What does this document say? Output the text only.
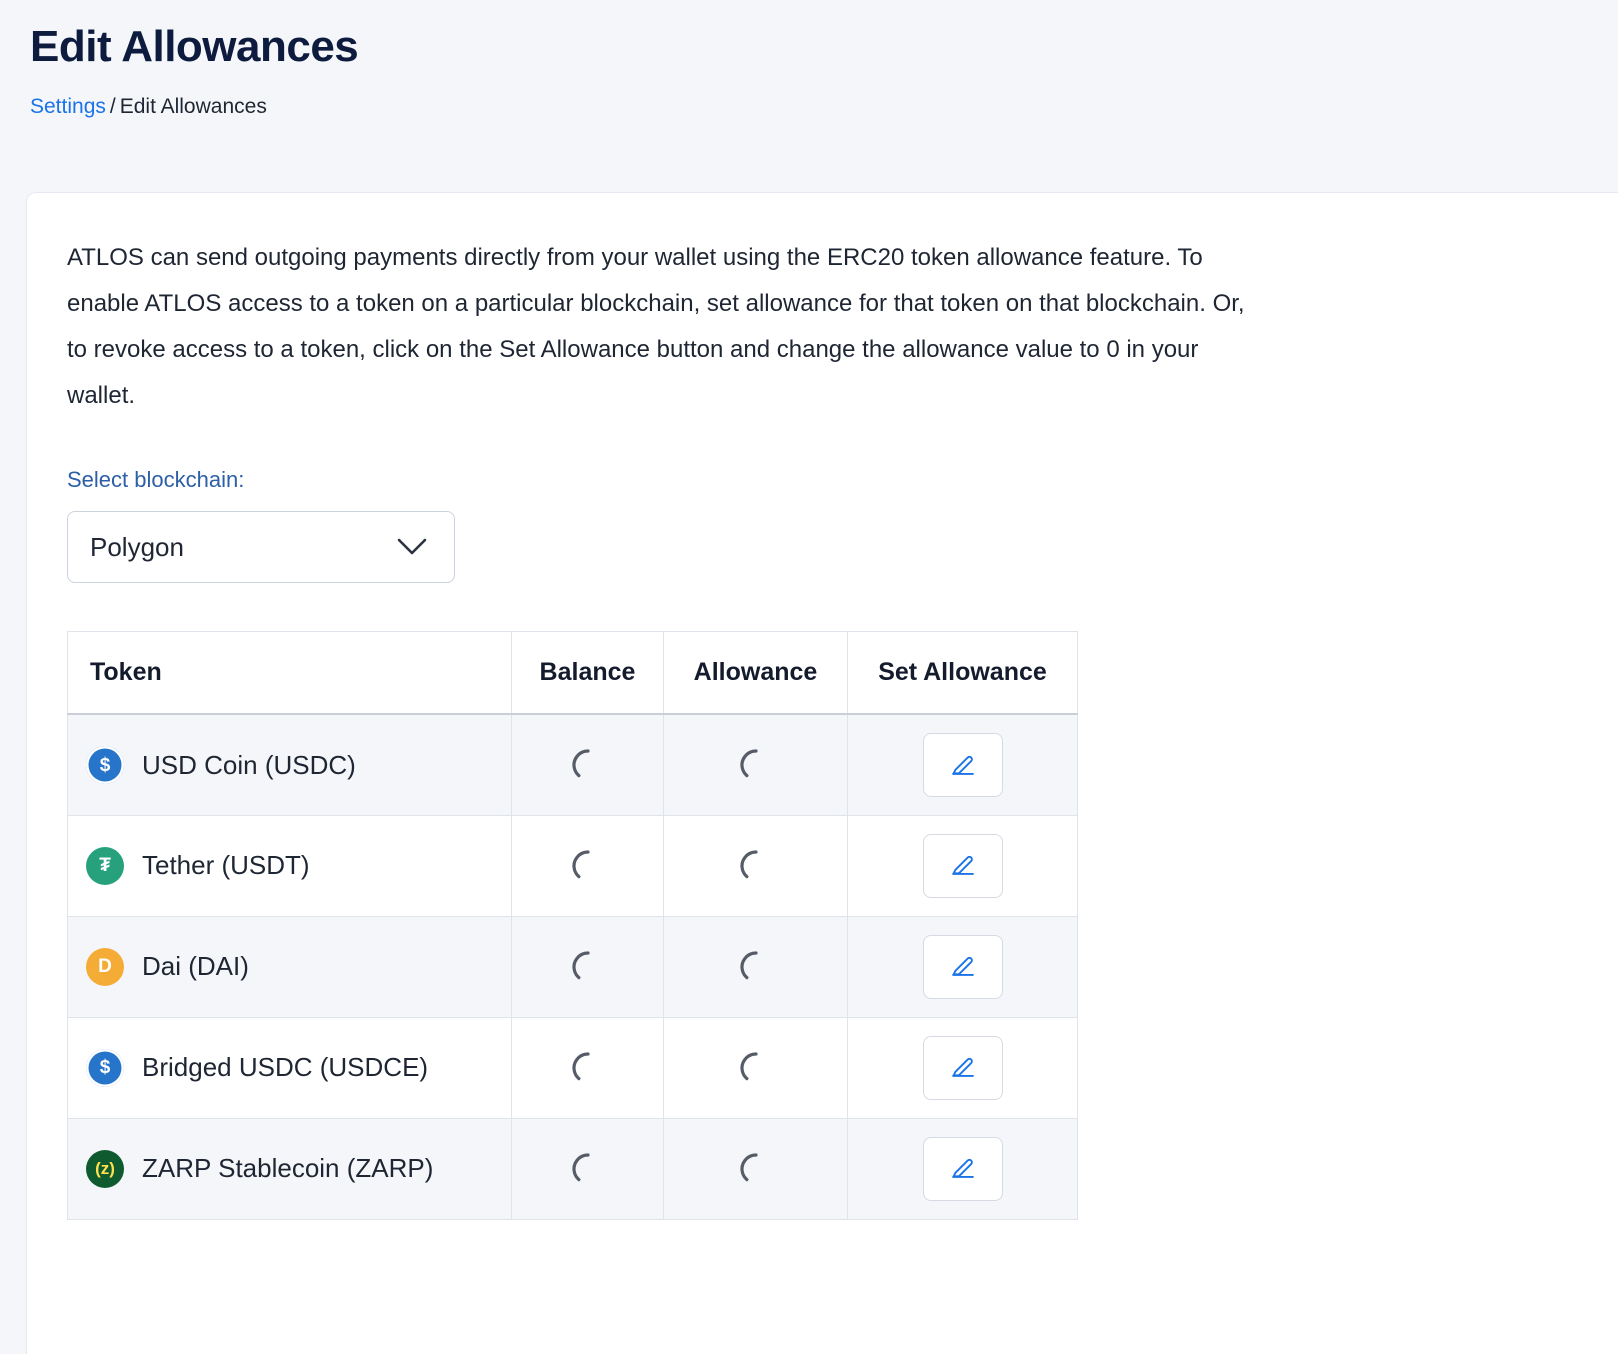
Edit Allowances
Settings / Edit Allowances

ATLOS can send outgoing payments directly from your wallet using the ERC20 token allowance feature. To enable ATLOS access to a token on a particular blockchain, set allowance for that token on that blockchain. Or, to revoke access to a token, click on the Set Allowance button and change the allowance value to 0 in your wallet.

Select blockchain:
Polygon
Token	Balance	Allowance	Set Allowance

$ USD Coin (USDC)

₮ Tether (USDT)

D Dai (DAI)

$ Bridged USDC (USDCE)

(z) ZARP Stablecoin (ZARP)
